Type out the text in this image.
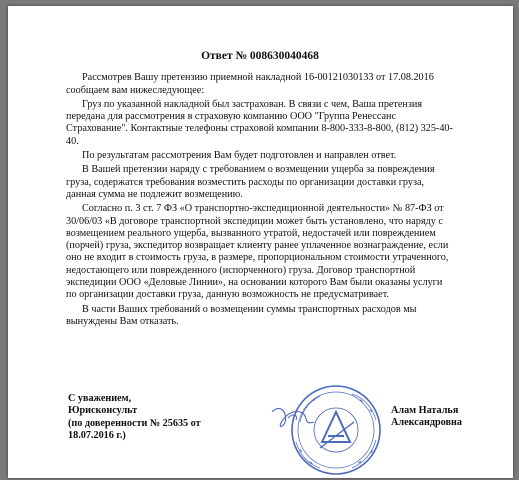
Ответ № 008630040468

Рассмотрев Вашу претензию приемной накладной 16-00121030133 от 17.08.2016 сообщаем вам нижеследующее:

Груз по указанной накладной был застрахован. В связи с чем, Ваша претензия передана для рассмотрения в страховую компанию ООО "Группа Ренессанс Страхование". Контактные телефоны страховой компании 8-800-333-8-800, (812) 325-40-40.

По результатам рассмотрения Вам будет подготовлен и направлен ответ.

В Вашей претензии наряду с требованием о возмещении ущерба за повреждения груза, содержатся требования возместить расходы по организации доставки груза, данная сумма не подлежит возмещению.

Согласно п. 3 ст. 7 ФЗ «О транспортно-экспедиционной деятельности» № 87-ФЗ от 30/06/03 «В договоре транспортной экспедиции может быть установлено, что наряду с возмещением реального ущерба, вызванного утратой, недостачей или повреждением (порчей) груза, экспедитор возвращает клиенту ранее уплаченное вознаграждение, если оно не входит в стоимость груза, в размере, пропорциональном стоимости утраченного, недостающего или поврежденного (испорченного) груза. Договор транспортной экспедиции ООО «Деловые Линии», на основании которого Вам были оказаны услуги по организации доставки груза, данную возможность не предусматривает.

В части Ваших требований о возмещении суммы транспортных расходов мы вынуждены Вам отказать.

С уважением,
Юрисконсульт
(по доверенности № 25635 от
18.07.2016 г.)
Алам Наталья
Александровна
